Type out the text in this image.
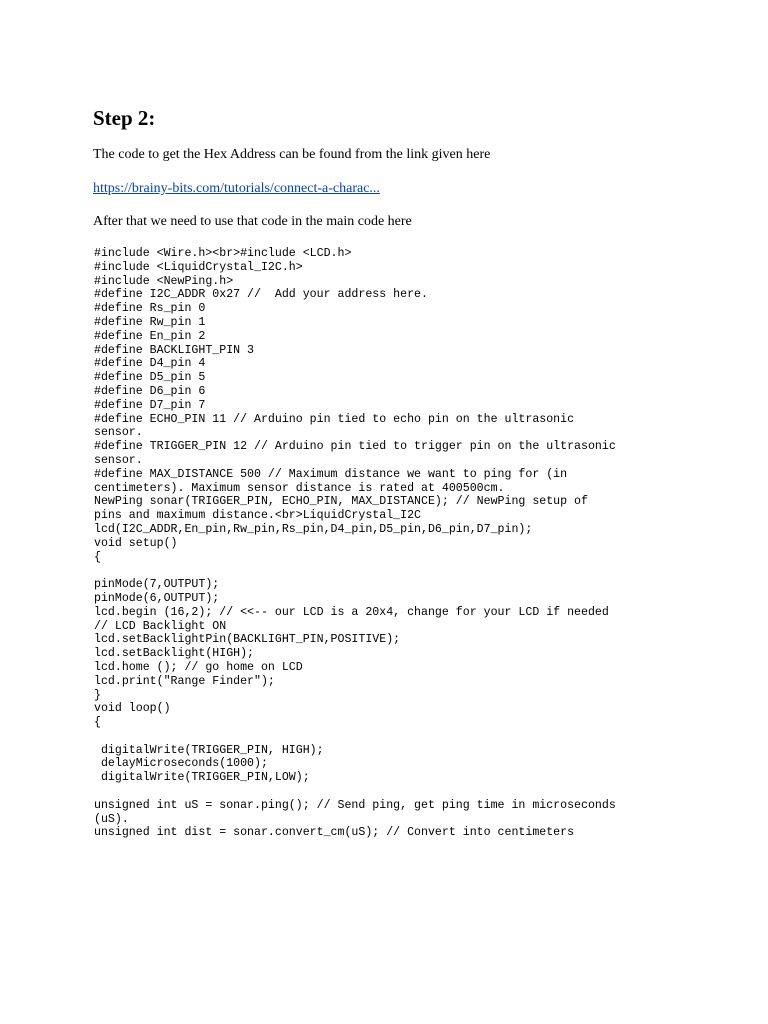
Step 2:

The code to get the Hex Address can be found from the link given here

https://brainy-bits.com/tutorials/connect-a-charac...

After that we need to use that code in the main code here

#include <Wire.h><br>#include <LCD.h>
#include <LiquidCrystal_I2C.h>
#include <NewPing.h>
#define I2C_ADDR 0x27 //  Add your address here.
#define Rs_pin 0
#define Rw_pin 1
#define En_pin 2
#define BACKLIGHT_PIN 3
#define D4_pin 4
#define D5_pin 5
#define D6_pin 6
#define D7_pin 7
#define ECHO_PIN 11 // Arduino pin tied to echo pin on the ultrasonic
sensor.
#define TRIGGER_PIN 12 // Arduino pin tied to trigger pin on the ultrasonic
sensor.
#define MAX_DISTANCE 500 // Maximum distance we want to ping for (in
centimeters). Maximum sensor distance is rated at 400500cm.
NewPing sonar(TRIGGER_PIN, ECHO_PIN, MAX_DISTANCE); // NewPing setup of
pins and maximum distance.<br>LiquidCrystal_I2C
lcd(I2C_ADDR,En_pin,Rw_pin,Rs_pin,D4_pin,D5_pin,D6_pin,D7_pin);
void setup()
{
pinMode(7,OUTPUT);
pinMode(6,OUTPUT);
lcd.begin (16,2); // <<-- our LCD is a 20x4, change for your LCD if needed
// LCD Backlight ON
lcd.setBacklightPin(BACKLIGHT_PIN,POSITIVE);
lcd.setBacklight(HIGH);
lcd.home (); // go home on LCD
lcd.print("Range Finder");
}
void loop()
{
digitalWrite(TRIGGER_PIN, HIGH);
delayMicroseconds(1000);
digitalWrite(TRIGGER_PIN,LOW);
unsigned int uS = sonar.ping(); // Send ping, get ping time in microseconds
(uS).
unsigned int dist = sonar.convert_cm(uS); // Convert into centimeters
